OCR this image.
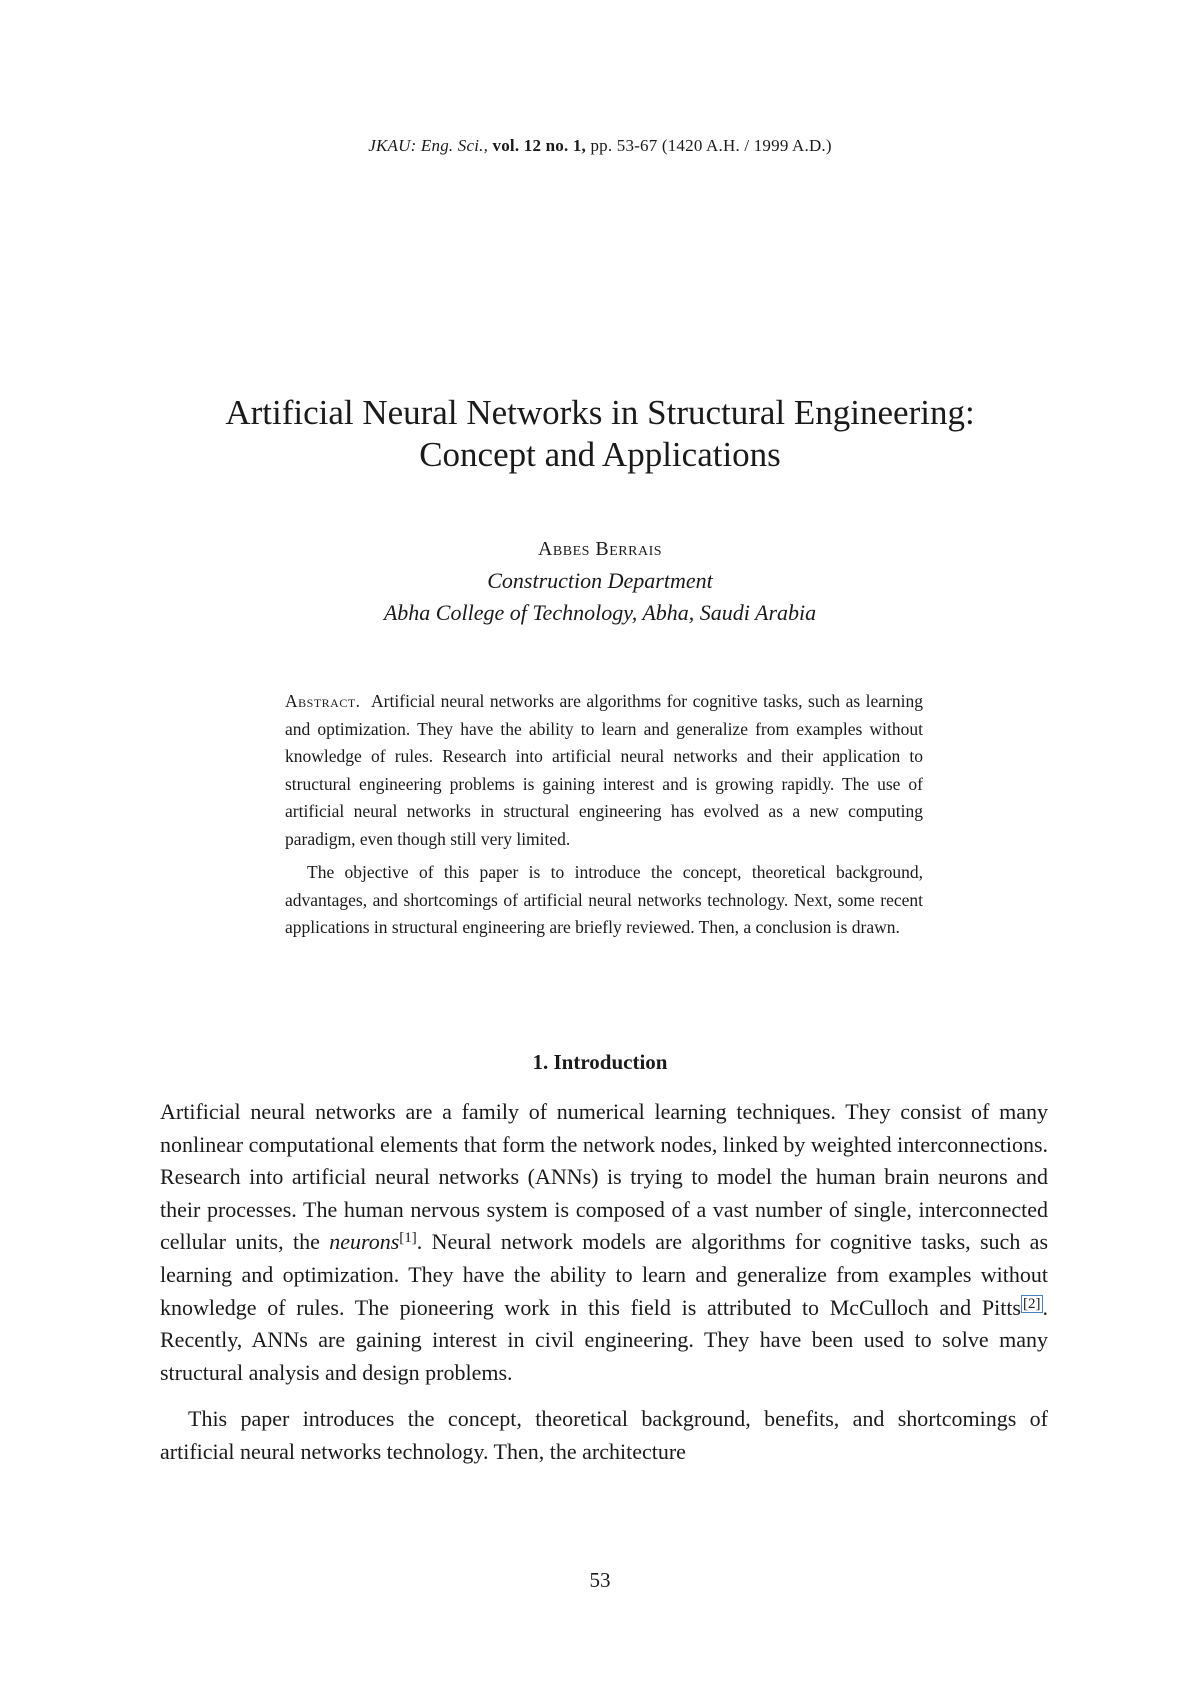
JKAU: Eng. Sci., vol. 12 no. 1, pp. 53-67 (1420 A.H. / 1999 A.D.)
Artificial Neural Networks in Structural Engineering:
Concept and Applications
Abbes Berrais
Construction Department
Abha College of Technology, Abha, Saudi Arabia

Abstract. Artificial neural networks are algorithms for cognitive tasks, such as learning and optimization. They have the ability to learn and generalize from examples without knowledge of rules. Research into artificial neural networks and their application to structural engineering problems is gaining interest and is growing rapidly. The use of artificial neural networks in structural engineering has evolved as a new computing paradigm, even though still very limited.

The objective of this paper is to introduce the concept, theoretical background, advantages, and shortcomings of artificial neural networks technology. Next, some recent applications in structural engineering are briefly reviewed. Then, a conclusion is drawn.

1. Introduction

Artificial neural networks are a family of numerical learning techniques. They consist of many nonlinear computational elements that form the network nodes, linked by weighted interconnections. Research into artificial neural networks (ANNs) is trying to model the human brain neurons and their processes. The human nervous system is composed of a vast number of single, interconnected cellular units, the neurons[1]. Neural network models are algorithms for cognitive tasks, such as learning and optimization. They have the ability to learn and generalize from examples without knowledge of rules. The pioneering work in this field is attributed to McCulloch and Pitts [2]. Recently, ANNs are gaining interest in civil engineering. They have been used to solve many structural analysis and design problems.

This paper introduces the concept, theoretical background, benefits, and shortcomings of artificial neural networks technology. Then, the architecture

53
